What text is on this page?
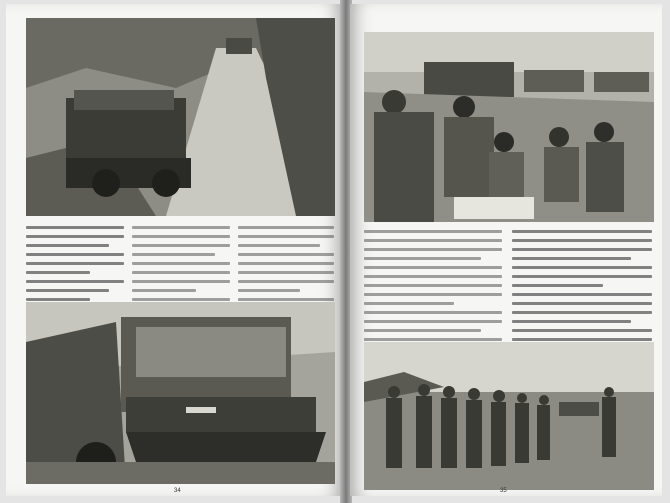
34	35
